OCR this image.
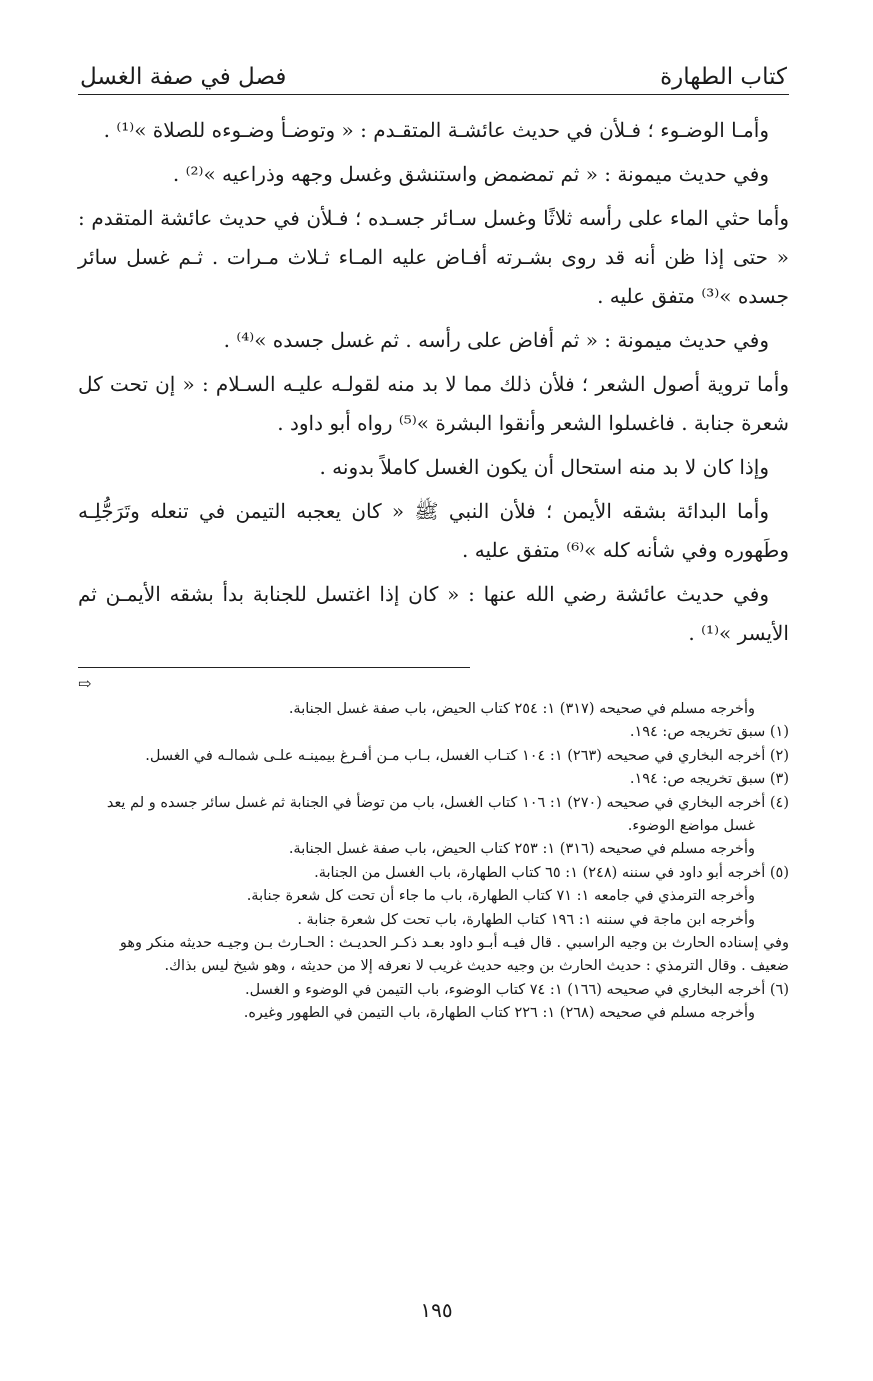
كتاب الطهارة
فصل في صفة الغسل

وأمـا الوضـوء ؛ فـلأن في حديث عائشـة المتقـدم : « وتوضـأ وضـوءه للصلاة »⁽¹⁾ .

وفي حديث ميمونة : « ثم تمضمض واستنشق وغسل وجهه وذراعيه »⁽²⁾ .

وأما حثي الماء على رأسه ثلاثًا وغسل سـائر جسـده ؛ فـلأن في حديث عائشة المتقدم : « حتى إذا ظن أنه قد روى بشـرته أفـاض عليه المـاء ثـلاث مـرات . ثـم غسل سائر جسده »⁽³⁾ متفق عليه .

وفي حديث ميمونة : « ثم أفاض على رأسه . ثم غسل جسده »⁽⁴⁾ .

وأما تروية أصول الشعر ؛ فلأن ذلك مما لا بد منه لقولـه عليـه السـلام : « إن تحت كل شعرة جنابة . فاغسلوا الشعر وأنقوا البشرة »⁽⁵⁾ رواه أبو داود .

وإذا كان لا بد منه استحال أن يكون الغسل كاملاً بدونه .

وأما البدائة بشقه الأيمن ؛ فلأن النبي ﷺ « كان يعجبه التيمن في تنعله وتَرَجُّلِـه وطَهوره وفي شأنه كله »⁽⁶⁾ متفق عليه .

وفي حديث عائشة رضي الله عنها : « كان إذا اغتسل للجنابة بدأ بشقه الأيمـن ثم الأيسر »⁽¹⁾ .

⇨

وأخرجه مسلم في صحيحه (٣١٧) ١: ٢٥٤ كتاب الحيض، باب صفة غسل الجنابة.

(١) سبق تخريجه ص: ١٩٤.

(٢) أخرجه البخاري في صحيحه (٢٦٣) ١: ١٠٤ كتـاب الغسل، بـاب مـن أفـرغ بيمينـه علـى شمالـه في الغسل.

(٣) سبق تخريجه ص: ١٩٤.

(٤) أخرجه البخاري في صحيحه (٢٧٠) ١: ١٠٦ كتاب الغسل، باب من توضأ في الجنابة ثم غسل سائر جسده و لم يعد غسل مواضع الوضوء.

وأخرجه مسلم في صحيحه (٣١٦) ١: ٢٥٣ كتاب الحيض، باب صفة غسل الجنابة.

(٥) أخرجه أبو داود في سننه (٢٤٨) ١: ٦٥ كتاب الطهارة، باب الغسل من الجنابة.

وأخرجه الترمذي في جامعه ١: ٧١ كتاب الطهارة، باب ما جاء أن تحت كل شعرة جنابة.

وأخرجه ابن ماجة في سننه ١: ١٩٦ كتاب الطهارة، باب تحت كل شعرة جنابة .

وفي إسناده الحارث بن وجيه الراسبي . قال فيـه أبـو داود بعـد ذكـر الحديـث : الحـارث بـن وجيـه حديثه منكر وهو ضعيف . وقال الترمذي : حديث الحارث بن وجيه حديث غريب لا نعرفه إلا من حديثه ، وهو شيخ ليس بذاك.

(٦) أخرجه البخاري في صحيحه (١٦٦) ١: ٧٤ كتاب الوضوء، باب التيمن في الوضوء و الغسل.

وأخرجه مسلم في صحيحه (٢٦٨) ١: ٢٢٦ كتاب الطهارة، باب التيمن في الطهور وغيره.

١٩٥
